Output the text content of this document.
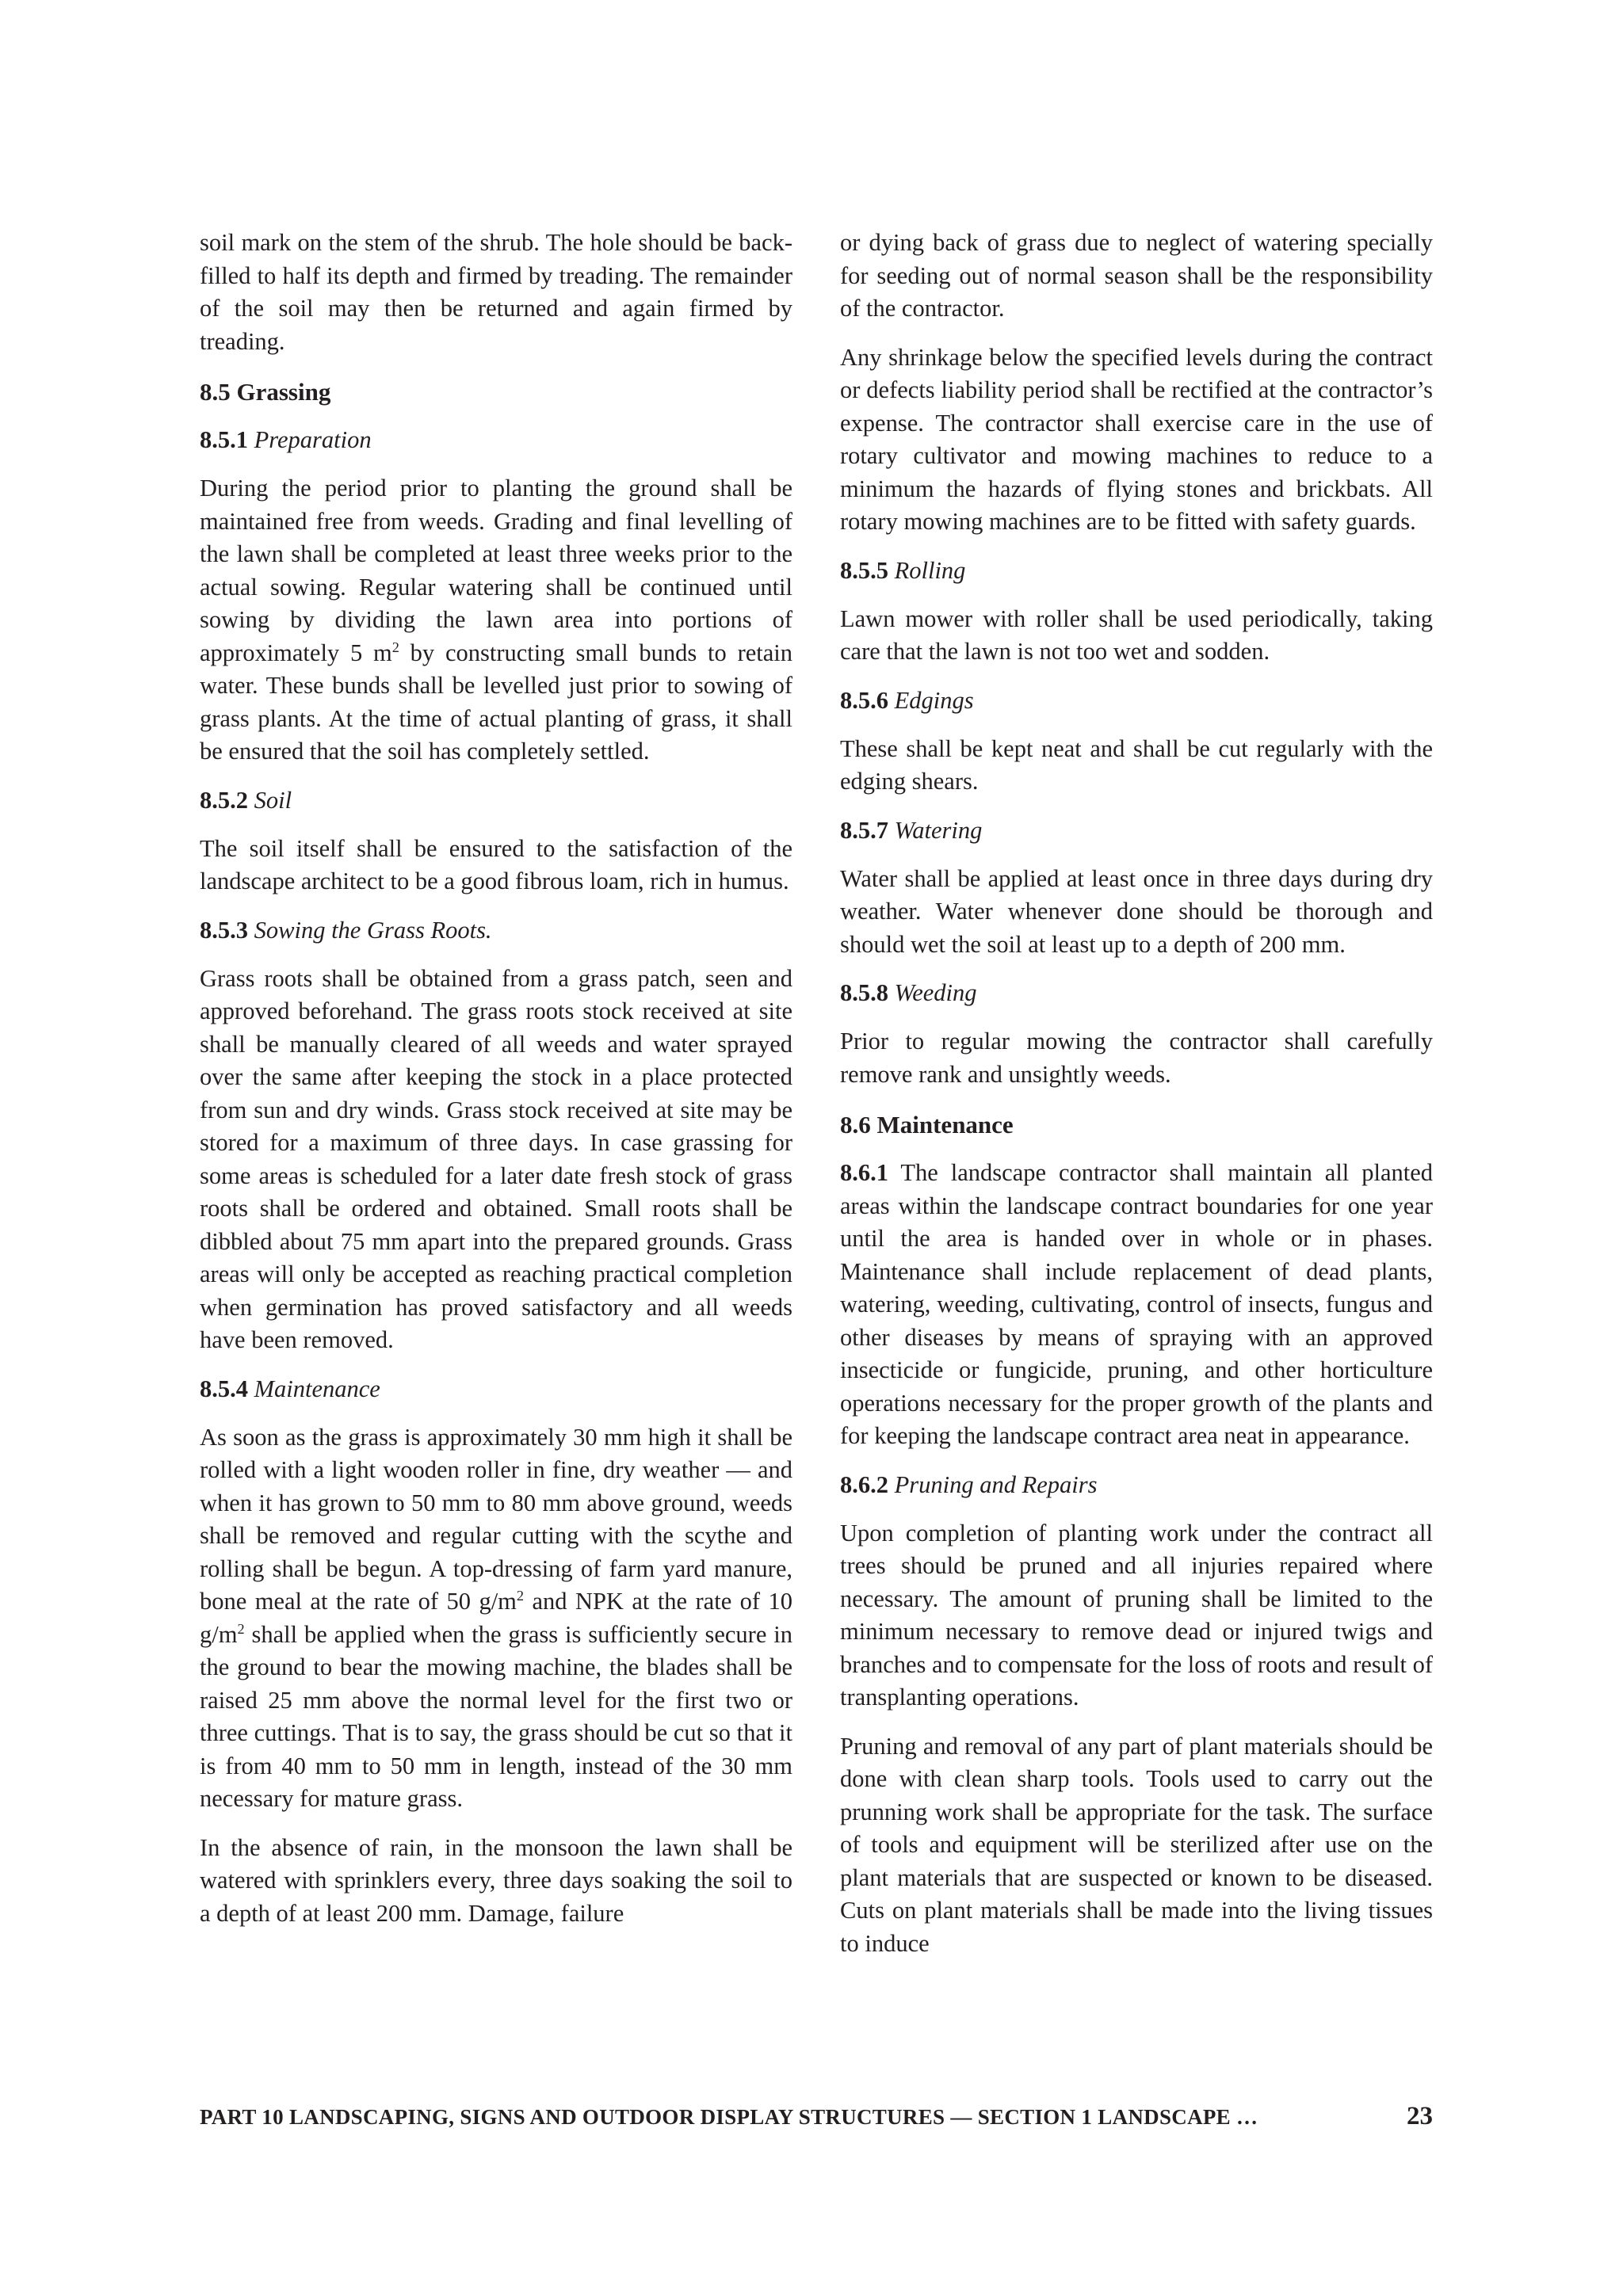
soil mark on the stem of the shrub. The hole should be back-filled to half its depth and firmed by treading. The remainder of the soil may then be returned and again firmed by treading.

8.5 Grassing
8.5.1 Preparation

During the period prior to planting the ground shall be maintained free from weeds. Grading and final levelling of the lawn shall be completed at least three weeks prior to the actual sowing. Regular watering shall be continued until sowing by dividing the lawn area into portions of approximately 5 $m^2$ by constructing small bunds to retain water. These bunds shall be levelled just prior to sowing of grass plants. At the time of actual planting of grass, it shall be ensured that the soil has completely settled.

8.5.2 Soil

The soil itself shall be ensured to the satisfaction of the landscape architect to be a good fibrous loam, rich in humus.

8.5.3 Sowing the Grass Roots.

Grass roots shall be obtained from a grass patch, seen and approved beforehand. The grass roots stock received at site shall be manually cleared of all weeds and water sprayed over the same after keeping the stock in a place protected from sun and dry winds. Grass stock received at site may be stored for a maximum of three days. In case grassing for some areas is scheduled for a later date fresh stock of grass roots shall be ordered and obtained. Small roots shall be dibbled about 75 mm apart into the prepared grounds. Grass areas will only be accepted as reaching practical completion when germination has proved satisfactory and all weeds have been removed.

8.5.4 Maintenance

As soon as the grass is approximately 30 mm high it shall be rolled with a light wooden roller in fine, dry weather — and when it has grown to 50 mm to 80 mm above ground, weeds shall be removed and regular cutting with the scythe and rolling shall be begun. A top-dressing of farm yard manure, bone meal at the rate of 50 $g/m^2$ and NPK at the rate of 10 $g/m^2$ shall be applied when the grass is sufficiently secure in the ground to bear the mowing machine, the blades shall be raised 25 mm above the normal level for the first two or three cuttings. That is to say, the grass should be cut so that it is from 40 mm to 50 mm in length, instead of the 30 mm necessary for mature grass.

In the absence of rain, in the monsoon the lawn shall be watered with sprinklers every, three days soaking the soil to a depth of at least 200 mm. Damage, failure

or dying back of grass due to neglect of watering specially for seeding out of normal season shall be the responsibility of the contractor.

Any shrinkage below the specified levels during the contract or defects liability period shall be rectified at the contractor’s expense. The contractor shall exercise care in the use of rotary cultivator and mowing machines to reduce to a minimum the hazards of flying stones and brickbats. All rotary mowing machines are to be fitted with safety guards.

8.5.5 Rolling

Lawn mower with roller shall be used periodically, taking care that the lawn is not too wet and sodden.

8.5.6 Edgings

These shall be kept neat and shall be cut regularly with the edging shears.

8.5.7 Watering

Water shall be applied at least once in three days during dry weather. Water whenever done should be thorough and should wet the soil at least up to a depth of 200 mm.

8.5.8 Weeding

Prior to regular mowing the contractor shall carefully remove rank and unsightly weeds.

8.6 Maintenance

8.6.1 The landscape contractor shall maintain all planted areas within the landscape contract boundaries for one year until the area is handed over in whole or in phases. Maintenance shall include replacement of dead plants, watering, weeding, cultivating, control of insects, fungus and other diseases by means of spraying with an approved insecticide or fungicide, pruning, and other horticulture operations necessary for the proper growth of the plants and for keeping the landscape contract area neat in appearance.

8.6.2 Pruning and Repairs

Upon completion of planting work under the contract all trees should be pruned and all injuries repaired where necessary. The amount of pruning shall be limited to the minimum necessary to remove dead or injured twigs and branches and to compensate for the loss of roots and result of transplanting operations.

Pruning and removal of any part of plant materials should be done with clean sharp tools. Tools used to carry out the prunning work shall be appropriate for the task. The surface of tools and equipment will be sterilized after use on the plant materials that are suspected or known to be diseased. Cuts on plant materials shall be made into the living tissues to induce

PART 10 LANDSCAPING, SIGNS AND OUTDOOR DISPLAY STRUCTURES — SECTION 1 LANDSCAPE …	23
